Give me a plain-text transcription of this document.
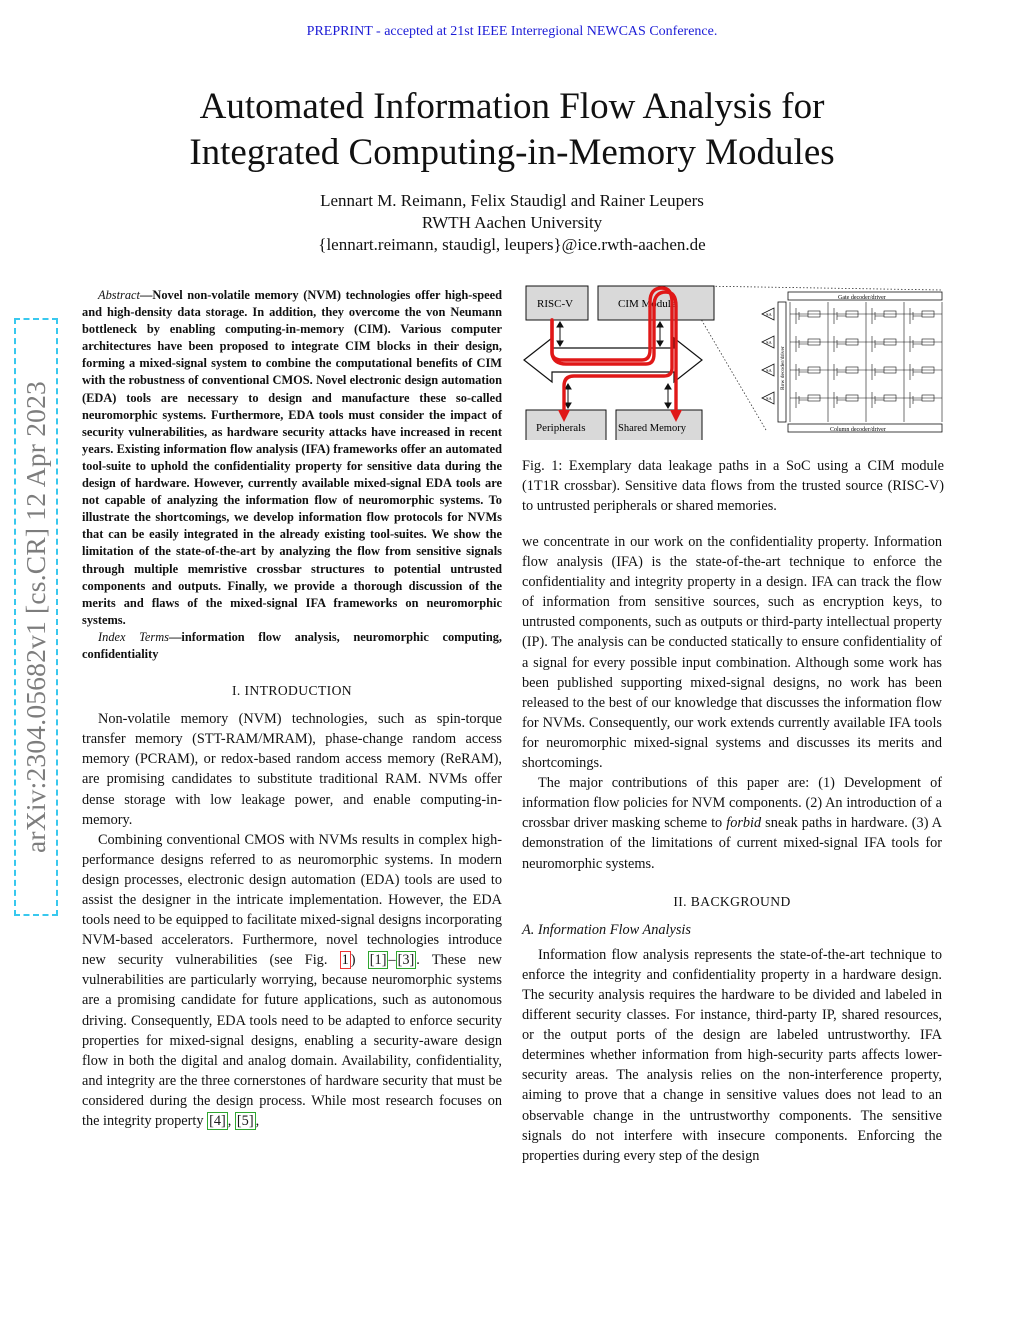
PREPRINT - accepted at 21st IEEE Interregional NEWCAS Conference.
arXiv:2304.05682v1 [cs.CR] 12 Apr 2023
Automated Information Flow Analysis for
Integrated Computing-in-Memory Modules
Lennart M. Reimann, Felix Staudigl and Rainer Leupers
RWTH Aachen University
{lennart.reimann, staudigl, leupers}@ice.rwth-aachen.de

Abstract—Novel non-volatile memory (NVM) technologies offer high-speed and high-density data storage. In addition, they overcome the von Neumann bottleneck by enabling computing-in-memory (CIM). Various computer architectures have been proposed to integrate CIM blocks in their design, forming a mixed-signal system to combine the computational benefits of CIM with the robustness of conventional CMOS. Novel electronic design automation (EDA) tools are necessary to design and manufacture these so-called neuromorphic systems. Furthermore, EDA tools must consider the impact of security vulnerabilities, as hardware security attacks have increased in recent years. Existing information flow analysis (IFA) frameworks offer an automated tool-suite to uphold the confidentiality property for sensitive data during the design of hardware. However, currently available mixed-signal EDA tools are not capable of analyzing the information flow of neuromorphic systems. To illustrate the shortcomings, we develop information flow protocols for NVMs that can be easily integrated in the already existing tool-suites. We show the limitation of the state-of-the-art by analyzing the flow from sensitive signals through multiple memristive crossbar structures to potential untrusted components and outputs. Finally, we provide a thorough discussion of the merits and flaws of the mixed-signal IFA frameworks on neuromorphic systems.

Index Terms—information flow analysis, neuromorphic computing, confidentiality

I. INTRODUCTION

Non-volatile memory (NVM) technologies, such as spin-torque transfer memory (STT-RAM/MRAM), phase-change random access memory (PCRAM), or redox-based random access memory (ReRAM), are promising candidates to substitute traditional RAM. NVMs offer dense storage with low leakage power, and enable computing-in-memory.

Combining conventional CMOS with NVMs results in complex high-performance designs referred to as neuromorphic systems. In modern design processes, electronic design automation (EDA) tools are used to assist the designer in the intricate implementation. However, the EDA tools need to be equipped to facilitate mixed-signal designs incorporating NVM-based accelerators. Furthermore, novel technologies introduce new security vulnerabilities (see Fig. 1 ) [1] – [3] . These new vulnerabilities are particularly worrying, because neuromorphic systems are a promising candidate for future applications, such as autonomous driving. Consequently, EDA tools need to be adapted to enforce security properties for mixed-signal designs, enabling a security-aware design flow in both the digital and analog domain. Availability, confidentiality, and integrity are the three cornerstones of hardware security that must be considered during the design process. While most research focuses on the integrity property [4] , [5] ,

RISC-V	CIM Module
Peripherals	Shared Memory
Gate decoder/driver
Column decoder/driver
Row decoder/driver
SA
SA
SA
SA
Fig. 1: Exemplary data leakage paths in a SoC using a CIM module (1T1R crossbar). Sensitive data flows from the trusted source (RISC-V) to untrusted peripherals or shared memories.

we concentrate in our work on the confidentiality property. Information flow analysis (IFA) is the state-of-the-art technique to enforce the confidentiality and integrity property in a design. IFA can track the flow of information from sensitive sources, such as encryption keys, to untrusted components, such as outputs or third-party intellectual property (IP). The analysis can be conducted statically to ensure confidentiality of a signal for every possible input combination. Although some work has been published supporting mixed-signal designs, no work has been released to the best of our knowledge that discusses the information flow for NVMs. Consequently, our work extends currently available IFA tools for neuromorphic mixed-signal systems and discusses its merits and shortcomings.

The major contributions of this paper are: (1) Development of information flow policies for NVM components. (2) An introduction of a crossbar driver masking scheme to forbid sneak paths in hardware. (3) A demonstration of the limitations of current mixed-signal IFA tools for neuromorphic systems.

II. BACKGROUND
A. Information Flow Analysis

Information flow analysis represents the state-of-the-art technique to enforce the integrity and confidentiality property in a hardware design. The security analysis requires the hardware to be divided and labeled in different security classes. For instance, third-party IP, shared resources, or the output ports of the design are labeled untrustworthy. IFA determines whether information from high-security parts affects lower-security areas. The analysis relies on the non-interference property, aiming to prove that a change in sensitive values does not lead to an observable change in the untrustworthy components. The sensitive signals do not interfere with insecure components. Enforcing the properties during every step of the design
